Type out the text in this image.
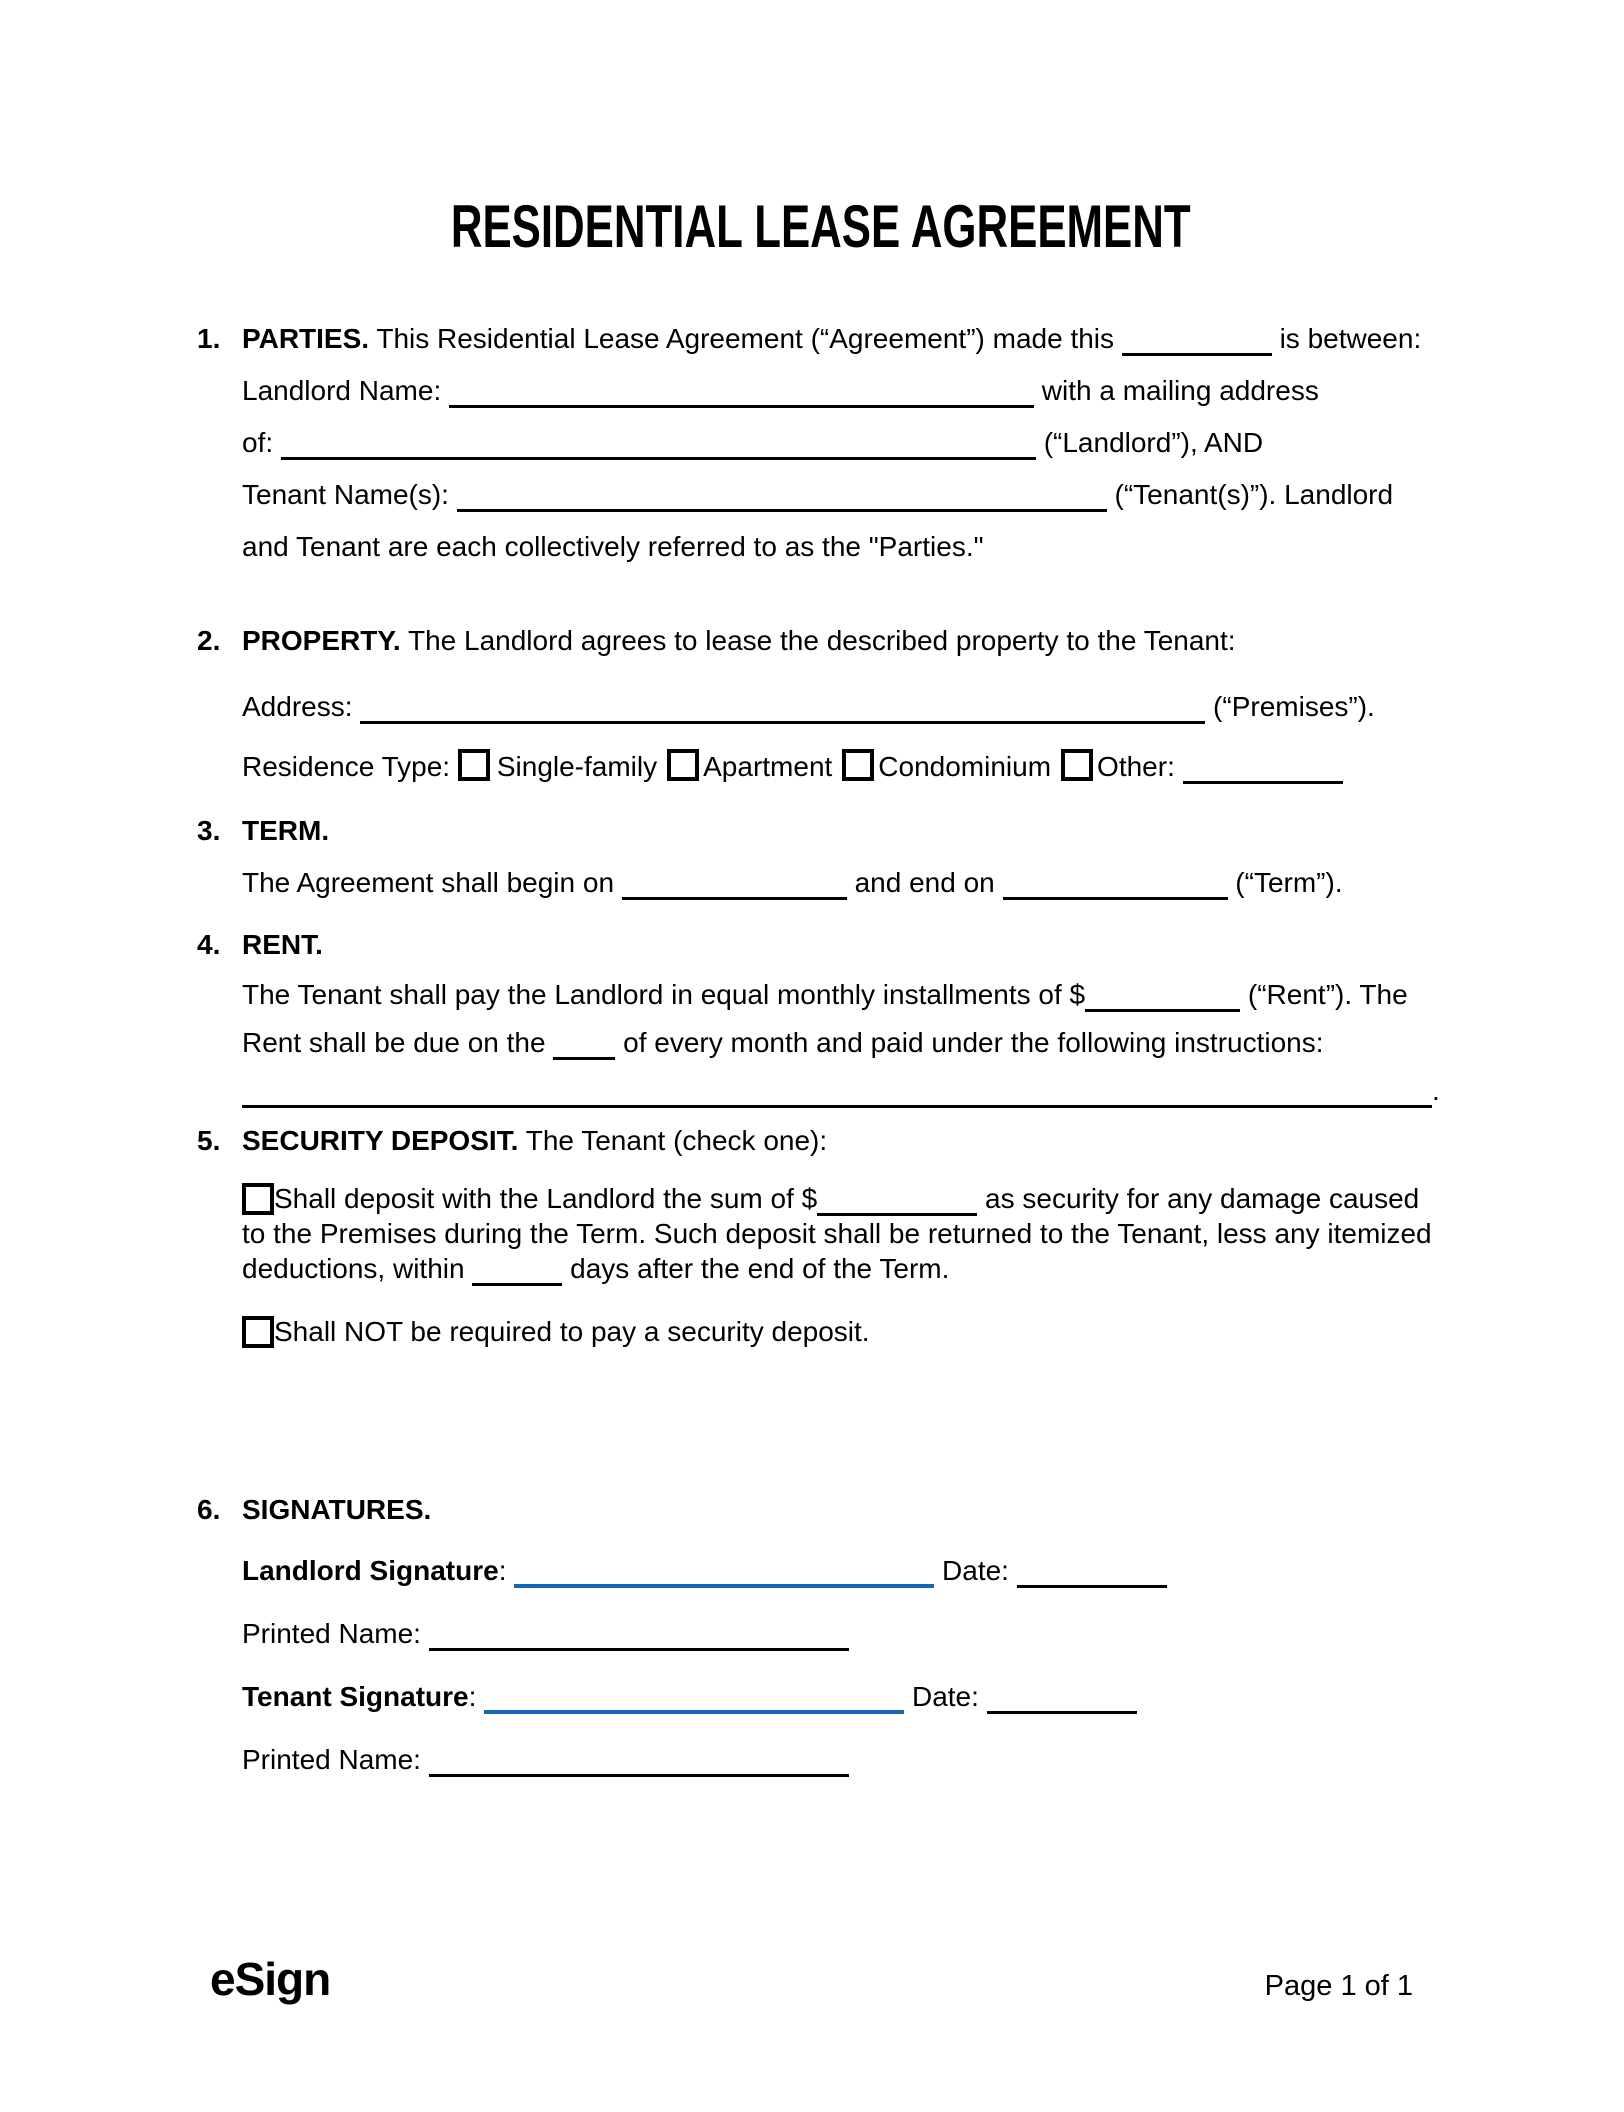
RESIDENTIAL LEASE AGREEMENT
1. PARTIES. This Residential Lease Agreement (“Agreement”) made this	is between:
Landlord Name:	with a mailing address
of:	(“Landlord”), AND
Tenant Name(s):	(“Tenant(s)”). Landlord
and Tenant are each collectively referred to as the "Parties."
2. PROPERTY. The Landlord agrees to lease the described property to the Tenant:
Address:	(“Premises”).
Residence Type: Single-family Apartment Condominium Other:
3. TERM.
The Agreement shall begin on	and end on	(“Term”).
4. RENT.
The Tenant shall pay the Landlord in equal monthly installments of $	(“Rent”). The
Rent shall be due on the  of every month and paid under the following instructions:
.
5. SECURITY DEPOSIT. The Tenant (check one):
Shall deposit with the Landlord the sum of $	as security for any damage caused
to the Premises during the Term. Such deposit shall be returned to the Tenant, less any itemized
deductions, within	days after the end of the Term.
Shall NOT be required to pay a security deposit.
6. SIGNATURES.
Landlord Signature:	Date:
Printed Name:
Tenant Signature:	Date:
Printed Name:
eSign	Page 1 of 1
